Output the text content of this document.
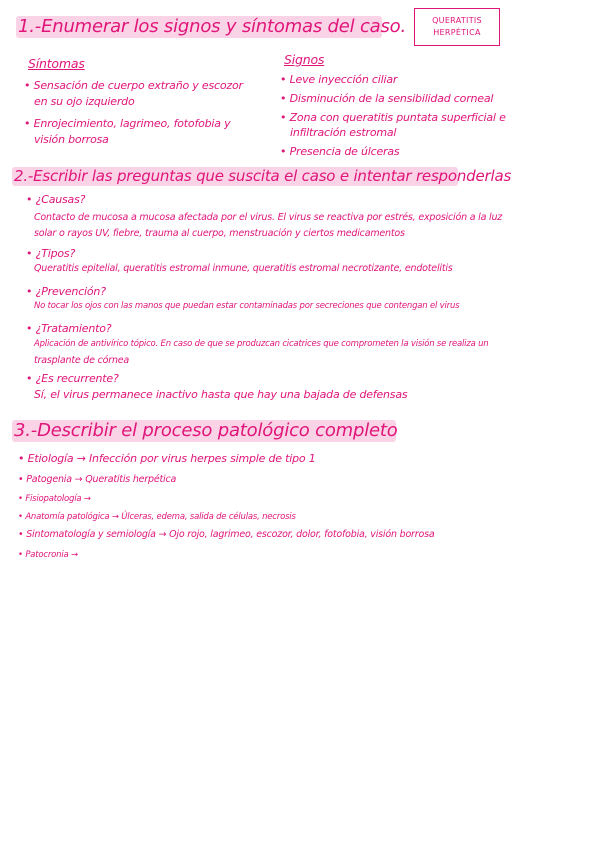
1.-Enumerar los signos y síntomas del caso.	QUERATITIS
HERPÉTICA
Síntomas
• Sensación de cuerpo extraño y escozor
en su ojo izquierdo
• Enrojecimiento, lagrimeo, fotofobia y
visión borrosa
Signos
• Leve inyección ciliar
• Disminución de la sensibilidad corneal
• Zona con queratitis puntata superficial e
infiltración estromal
• Presencia de úlceras
2.-Escribir las preguntas que suscita el caso e intentar responderlas
• ¿Causas?
Contacto de mucosa a mucosa afectada por el virus. El virus se reactiva por estrés, exposición a la luz
solar o rayos UV, fiebre, trauma al cuerpo, menstruación y ciertos medicamentos
• ¿Tipos?
Queratitis epitelial, queratitis estromal inmune, queratitis estromal necrotizante, endotelitis
• ¿Prevención?
No tocar los ojos con las manos que puedan estar contaminadas por secreciones que contengan el virus
• ¿Tratamiento?
Aplicación de antivírico tópico. En caso de que se produzcan cicatrices que comprometen la visión se realiza un
trasplante de córnea
• ¿Es recurrente?
Sí, el virus permanece inactivo hasta que hay una bajada de defensas
3.-Describir el proceso patológico completo
• Etiología → Infección por virus herpes simple de tipo 1
• Patogenia → Queratitis herpética
• Fisiopatología →
• Anatomía patológica → Úlceras, edema, salida de células, necrosis
• Sintomatología y semiología → Ojo rojo, lagrimeo, escozor, dolor, fotofobia, visión borrosa
• Patocronia →
